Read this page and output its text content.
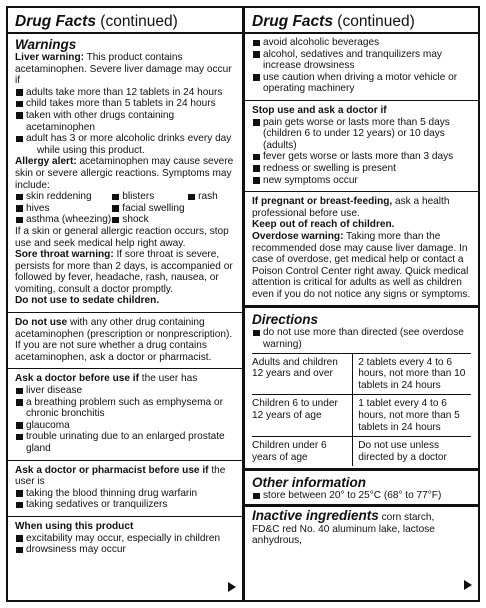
Drug Facts (continued)
Warnings

Liver warning: This product contains acetaminophen. Severe liver damage may occur if

adults take more than 12 tablets in 24 hours
child takes more than 5 tablets in 24 hours
taken with other drugs containing acetaminophen
adult has 3 or more alcoholic drinks every day

while using this product.

Allergy alert: acetaminophen may cause severe skin or severe allergic reactions. Symptoms may include:

skin reddening	blisters	rash
hives	facial swelling
asthma (wheezing)	shock

If a skin or general allergic reaction occurs, stop use and seek medical help right away.

Sore throat warning: If sore throat is severe, persists for more than 2 days, is accompanied or followed by fever, headache, rash, nausea, or vomiting, consult a doctor promptly.

Do not use to sedate children.

Do not use with any other drug containing acetaminophen (prescription or nonprescription). If you are not sure whether a drug contains acetaminophen, ask a doctor or pharmacist.

Ask a doctor before use if the user has

liver disease
a breathing problem such as emphysema or chronic bronchitis
glaucoma
trouble urinating due to an enlarged prostate gland

Ask a doctor or pharmacist before use if the user is

taking the blood thinning drug warfarin
taking sedatives or tranquilizers

When using this product

excitability may occur, especially in children
drowsiness may occur
Drug Facts (continued)
avoid alcoholic beverages
alcohol, sedatives and tranquilizers may increase drowsiness
use caution when driving a motor vehicle or operating machinery

Stop use and ask a doctor if

pain gets worse or lasts more than 5 days (children 6 to under 12 years) or 10 days (adults)
fever gets worse or lasts more than 3 days
redness or swelling is present
new symptoms occur

If pregnant or breast-feeding, ask a health professional before use.

Keep out of reach of children.

Overdose warning: Taking more than the recommended dose may cause liver damage. In case of overdose, get medical help or contact a Poison Control Center right away. Quick medical attention is critical for adults as well as children even if you do not notice any signs or symptoms.

Directions
do not use more than directed (see overdose warning)
Adults and children 12 years and over	2 tablets every 4 to 6 hours, not more than 10 tablets in 24 hours
Children 6 to under 12 years of age	1 tablet every 4 to 6 hours, not more than 5 tablets in 24 hours
Children under 6 years of age	Do not use unless directed by a doctor
Other information
store between 20° to 25°C (68° to 77°F)

Inactive ingredients corn starch, FD&C red No. 40 aluminum lake, lactose anhydrous,
